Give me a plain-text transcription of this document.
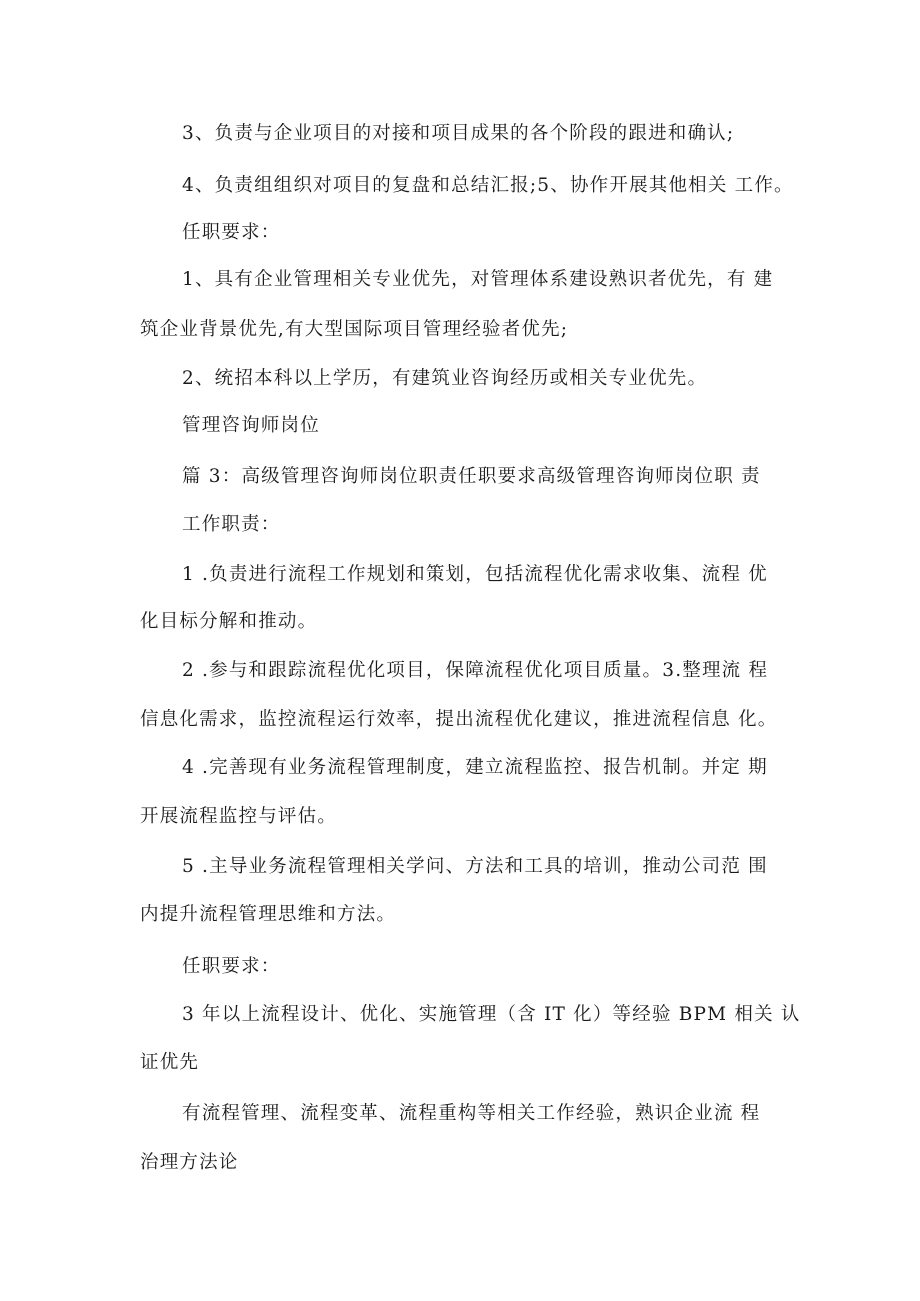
3、负责与企业项目的对接和项目成果的各个阶段的跟进和确认;
4、负责组组织对项目的复盘和总结汇报;5、协作开展其他相关 工作。
任职要求：
1、具有企业管理相关专业优先，对管理体系建设熟识者优先，有 建
筑企业背景优先,有大型国际项目管理经验者优先;
2、统招本科以上学历，有建筑业咨询经历或相关专业优先。
管理咨询师岗位
篇 3：高级管理咨询师岗位职责任职要求高级管理咨询师岗位职 责
工作职责：
1 .负责进行流程工作规划和策划，包括流程优化需求收集、流程 优
化目标分解和推动。
2 .参与和跟踪流程优化项目，保障流程优化项目质量。3.整理流 程
信息化需求，监控流程运行效率，提出流程优化建议，推进流程信息 化。
4 .完善现有业务流程管理制度，建立流程监控、报告机制。并定 期
开展流程监控与评估。
5 .主导业务流程管理相关学问、方法和工具的培训，推动公司范 围
内提升流程管理思维和方法。
任职要求：
3 年以上流程设计、优化、实施管理（含 IT 化）等经验 BPM 相关 认
证优先
有流程管理、流程变革、流程重构等相关工作经验，熟识企业流 程
治理方法论
